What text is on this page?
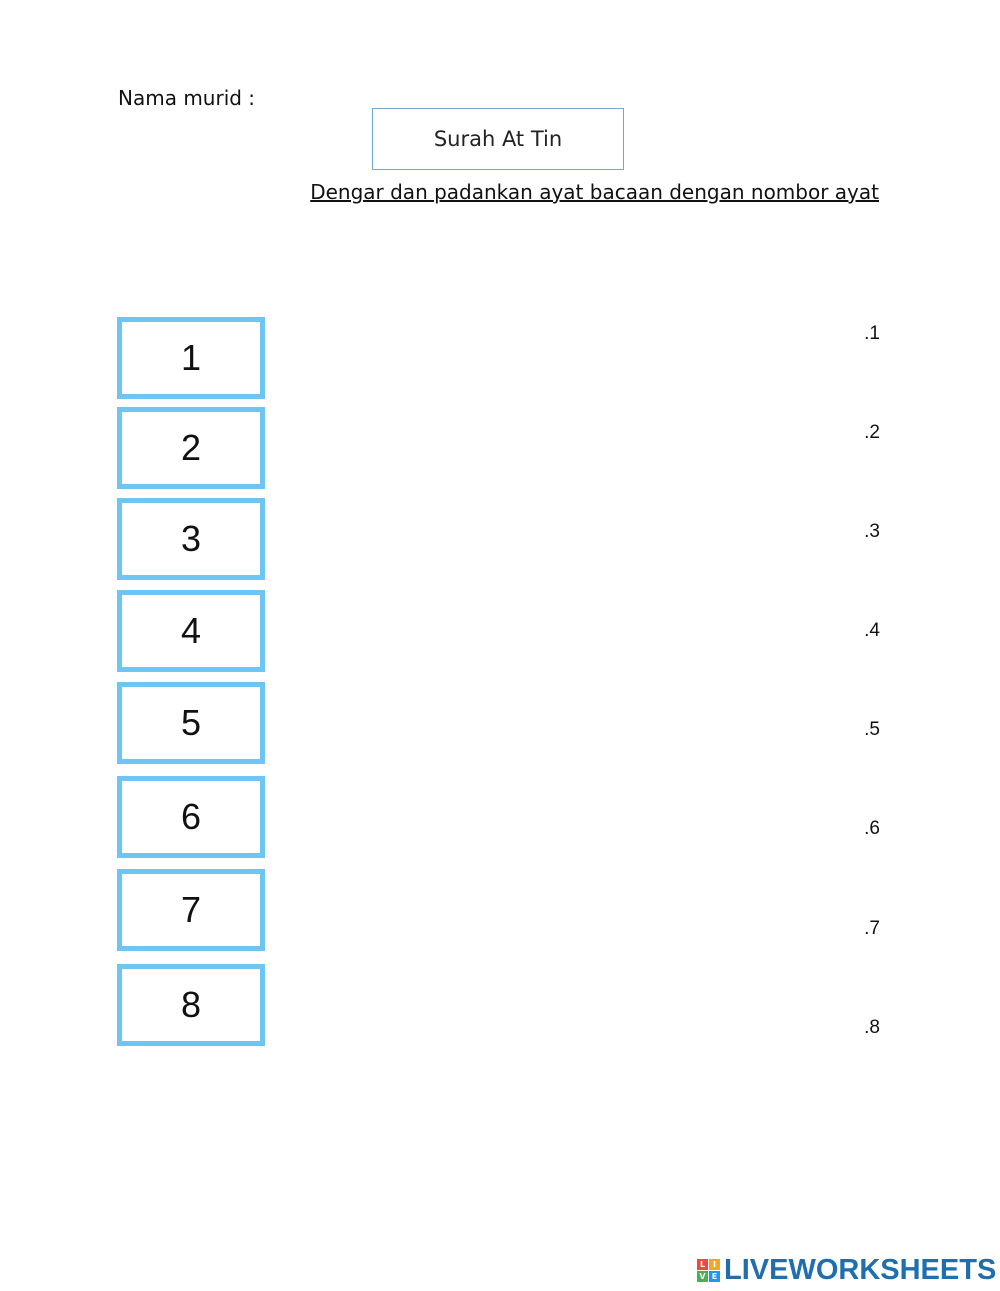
Nama murid :
Surah At Tin
Dengar dan padankan ayat bacaan dengan nombor ayat
1
2
3
4
5
6
7
8
.1
.2
.3
.4
.5
.6
.7
.8
L I
V E LIVEWORKSHEETS
